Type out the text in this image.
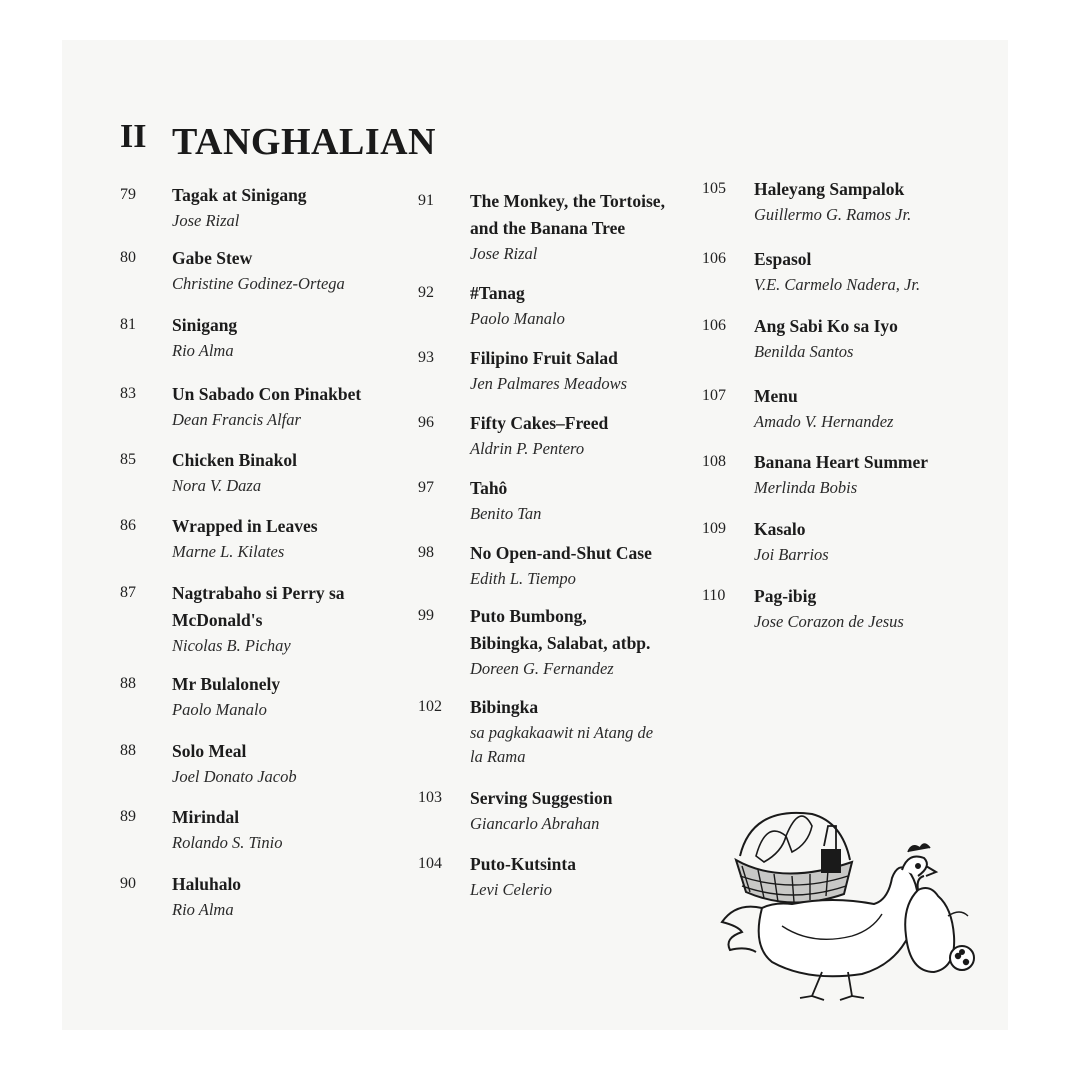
II TANGHALIAN
79 Tagak at Sinigang
Jose Rizal
80 Gabe Stew
Christine Godinez-Ortega
81 Sinigang
Rio Alma
83 Un Sabado Con Pinakbet
Dean Francis Alfar
85 Chicken Binakol
Nora V. Daza
86 Wrapped in Leaves
Marne L. Kilates
87 Nagtrabaho si Perry sa
McDonald's
Nicolas B. Pichay
88 Mr Bulalonely
Paolo Manalo
88 Solo Meal
Joel Donato Jacob
89 Mirindal
Rolando S. Tinio
90 Haluhalo
Rio Alma
91 The Monkey, the Tortoise,
and the Banana Tree
Jose Rizal
92 #Tanag
Paolo Manalo
93 Filipino Fruit Salad
Jen Palmares Meadows
96 Fifty Cakes–Freed
Aldrin P. Pentero
97 Tahô
Benito Tan
98 No Open-and-Shut Case
Edith L. Tiempo
99 Puto Bumbong,
Bibingka, Salabat, atbp.
Doreen G. Fernandez
102 Bibingka
sa pagkakaawit ni Atang de
la Rama
103 Serving Suggestion
Giancarlo Abrahan
104 Puto-Kutsinta
Levi Celerio
105 Haleyang Sampalok
Guillermo G. Ramos Jr.
106 Espasol
V.E. Carmelo Nadera, Jr.
106 Ang Sabi Ko sa Iyo
Benilda Santos
107 Menu
Amado V. Hernandez
108 Banana Heart Summer
Merlinda Bobis
109 Kasalo
Joi Barrios
110 Pag-ibig
Jose Corazon de Jesus
